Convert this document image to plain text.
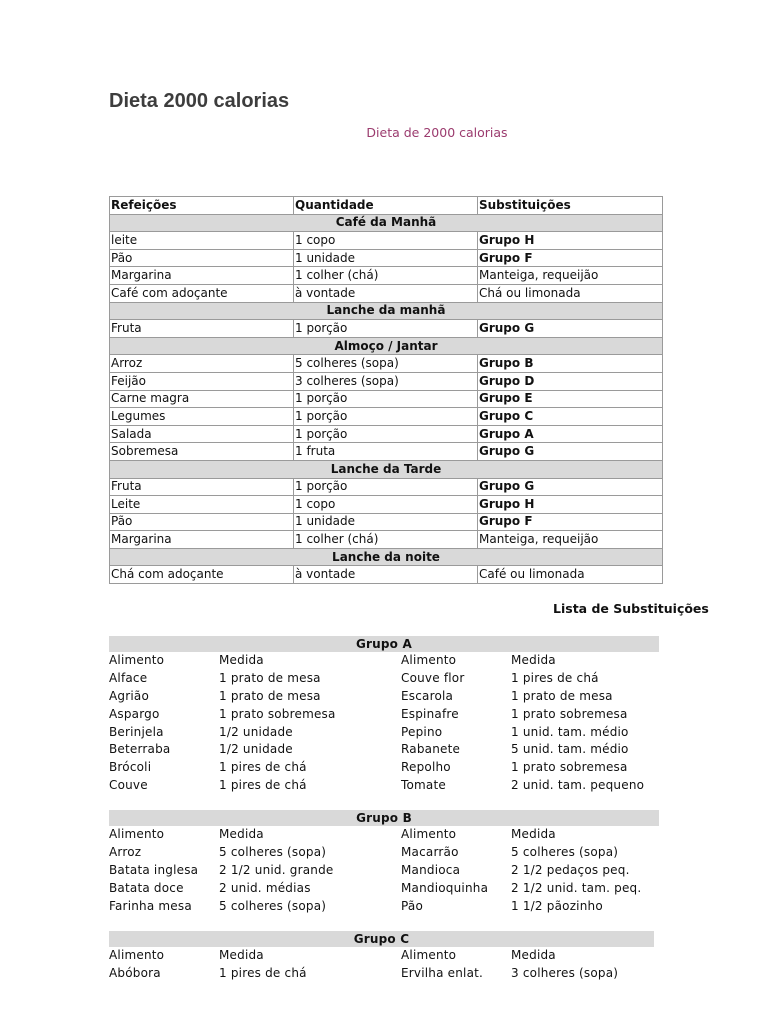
Dieta 2000 calorias
Dieta de 2000 calorias
Refeições	Quantidade	Substituições
Café da Manhã		
leite	1 copo	Grupo H
Pão	1 unidade	Grupo F
Margarina	1 colher (chá)	Manteiga, requeijão
Café com adoçante	à vontade	Chá ou limonada
Lanche da manhã		
Fruta	1 porção	Grupo G
Almoço / Jantar		
Arroz	5 colheres (sopa)	Grupo B
Feijão	3 colheres (sopa)	Grupo D
Carne magra	1 porção	Grupo E
Legumes	1 porção	Grupo C
Salada	1 porção	Grupo A
Sobremesa	1 fruta	Grupo G
Lanche da Tarde		
Fruta	1 porção	Grupo G
Leite	1 copo	Grupo H
Pão	1 unidade	Grupo F
Margarina	1 colher (chá)	Manteiga, requeijão
Lanche da noite		
Chá com adoçante	à vontade	Café ou limonada
Lista de Substituições
Grupo A
Alimento	Medida	Alimento	Medida
Alface	1 prato de mesa	Couve flor	1 pires de chá
Agrião	1 prato de mesa	Escarola	1 prato de mesa
Aspargo	1 prato sobremesa	Espinafre	1 prato sobremesa
Berinjela	1/2 unidade	Pepino	1 unid. tam. médio
Beterraba	1/2 unidade	Rabanete	5 unid. tam. médio
Brócoli	1 pires de chá	Repolho	1 prato sobremesa
Couve	1 pires de chá	Tomate	2 unid. tam. pequeno
Grupo B
Alimento	Medida	Alimento	Medida
Arroz	5 colheres (sopa)	Macarrão	5 colheres (sopa)
Batata inglesa 2 1/2 unid. grande	Mandioca	2 1/2 pedaços peq.
Batata doce	2 unid. médias	Mandioquinha 2 1/2 unid. tam. peq.
Farinha mesa 5 colheres (sopa)	Pão	1 1/2 pãozinho
Grupo C
Alimento	Medida	Alimento	Medida
Abóbora	1 pires de chá	Ervilha enlat. 3 colheres (sopa)
